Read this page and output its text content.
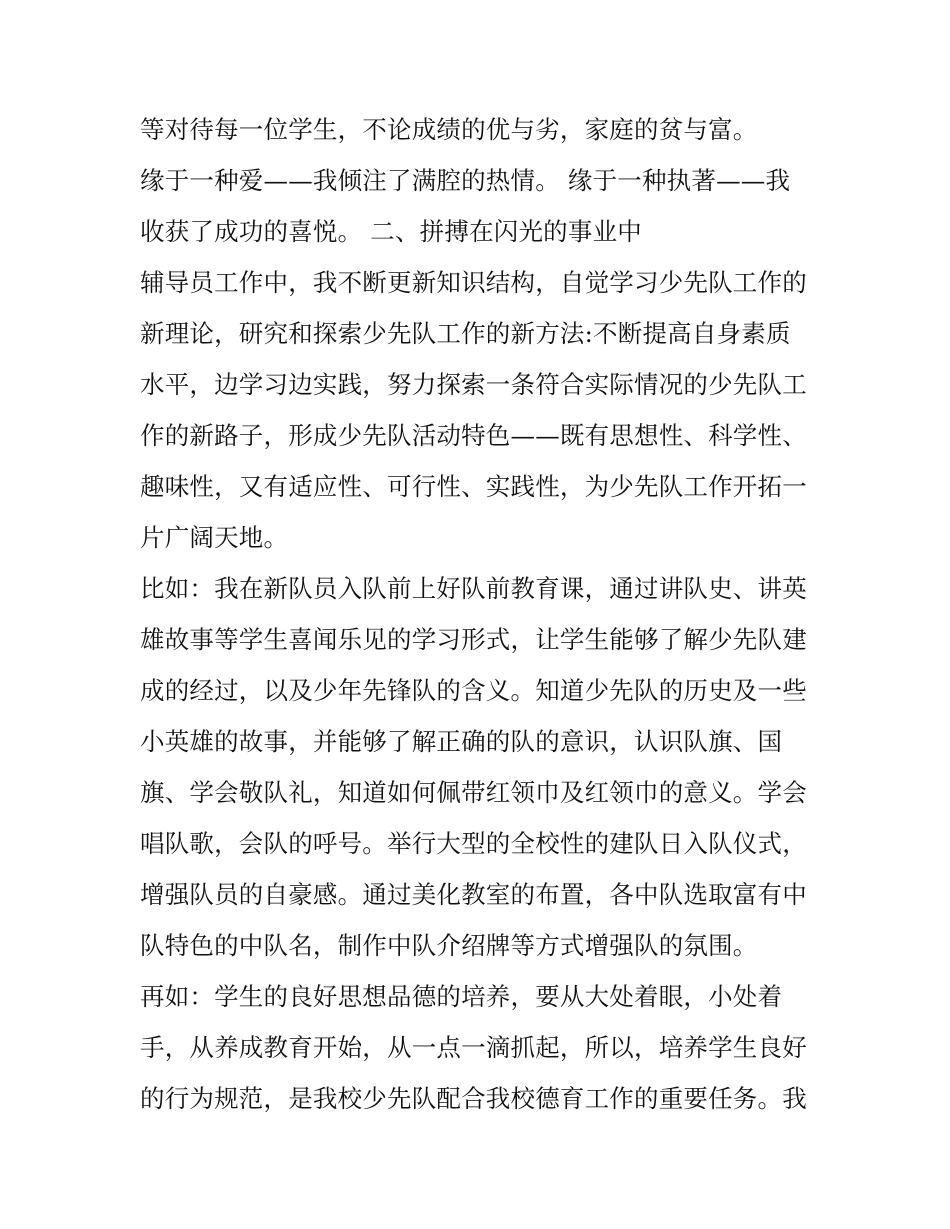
等对待每一位学生，不论成绩的优与劣，家庭的贫与富。
缘于一种爱——我倾注了满腔的热情。 缘于一种执著——我
收获了成功的喜悦。 二、拼搏在闪光的事业中
辅导员工作中，我不断更新知识结构，自觉学习少先队工作的
新理论，研究和探索少先队工作的新方法:不断提高自身素质
水平，边学习边实践，努力探索一条符合实际情况的少先队工
作的新路子，形成少先队活动特色——既有思想性、科学性、
趣味性，又有适应性、可行性、实践性，为少先队工作开拓一
片广阔天地。
比如：我在新队员入队前上好队前教育课，通过讲队史、讲英
雄故事等学生喜闻乐见的学习形式，让学生能够了解少先队建
成的经过，以及少年先锋队的含义。知道少先队的历史及一些
小英雄的故事，并能够了解正确的队的意识，认识队旗、国
旗、学会敬队礼，知道如何佩带红领巾及红领巾的意义。学会
唱队歌，会队的呼号。举行大型的全校性的建队日入队仪式，
增强队员的自豪感。通过美化教室的布置，各中队选取富有中
队特色的中队名，制作中队介绍牌等方式增强队的氛围。
再如：学生的良好思想品德的培养，要从大处着眼，小处着
手，从养成教育开始，从一点一滴抓起，所以，培养学生良好
的行为规范，是我校少先队配合我校德育工作的重要任务。我
